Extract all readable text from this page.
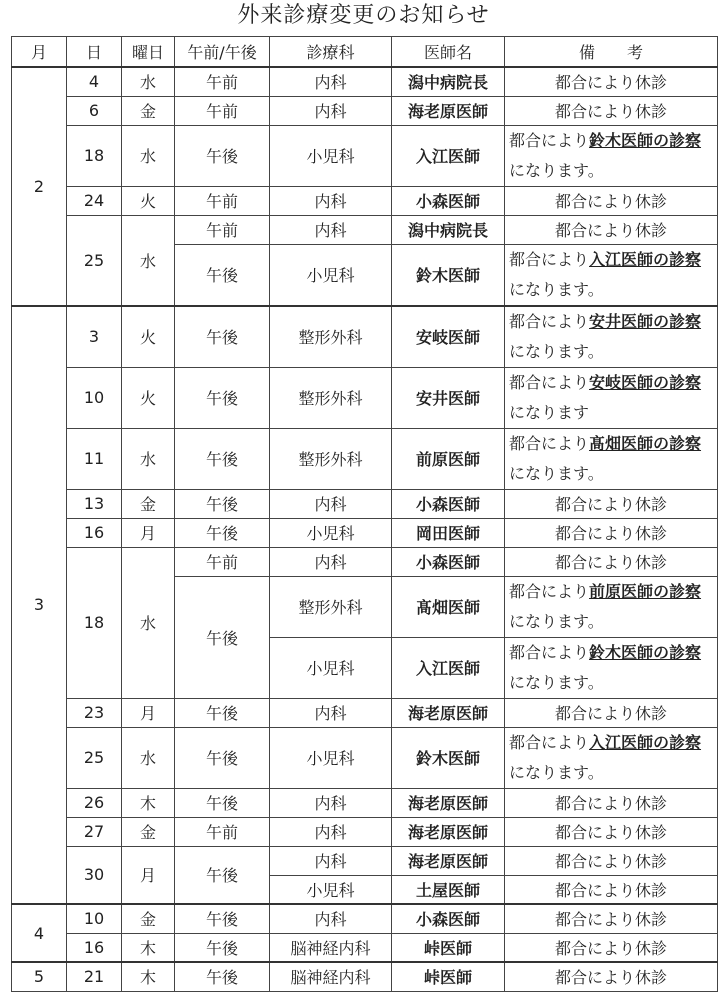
外来診療変更のお知らせ
月	日	曜日	午前/午後	診療科	医師名	備　　考
2	4	水	午前	内科	潟中病院長	都合により休診
	6	金	午前	内科	海老原医師	都合により休診
	18	水	午後	小児科	入江医師	都合により鈴木医師の診察になります。
	24	火	午前	内科	小森医師	都合により休診
	25	水	午前	内科	潟中病院長	都合により休診
			午後	小児科	鈴木医師	都合により入江医師の診察になります。
3	3	火	午後	整形外科	安岐医師	都合により安井医師の診察になります。
	10	火	午後	整形外科	安井医師	都合により安岐医師の診察になります
	11	水	午後	整形外科	前原医師	都合により髙畑医師の診察になります。
	13	金	午後	内科	小森医師	都合により休診
	16	月	午後	小児科	岡田医師	都合により休診
	18	水	午前	内科	小森医師	都合により休診
			午後	整形外科	髙畑医師	都合により前原医師の診察になります。
				小児科	入江医師	都合により鈴木医師の診察になります。
	23	月	午後	内科	海老原医師	都合により休診
	25	水	午後	小児科	鈴木医師	都合により入江医師の診察になります。
	26	木	午後	内科	海老原医師	都合により休診
	27	金	午前	内科	海老原医師	都合により休診
	30	月	午後	内科	海老原医師	都合により休診
				小児科	土屋医師	都合により休診
4	10	金	午後	内科	小森医師	都合により休診
	16	木	午後	脳神経内科	峠医師	都合により休診
5	21	木	午後	脳神経内科	峠医師	都合により休診
